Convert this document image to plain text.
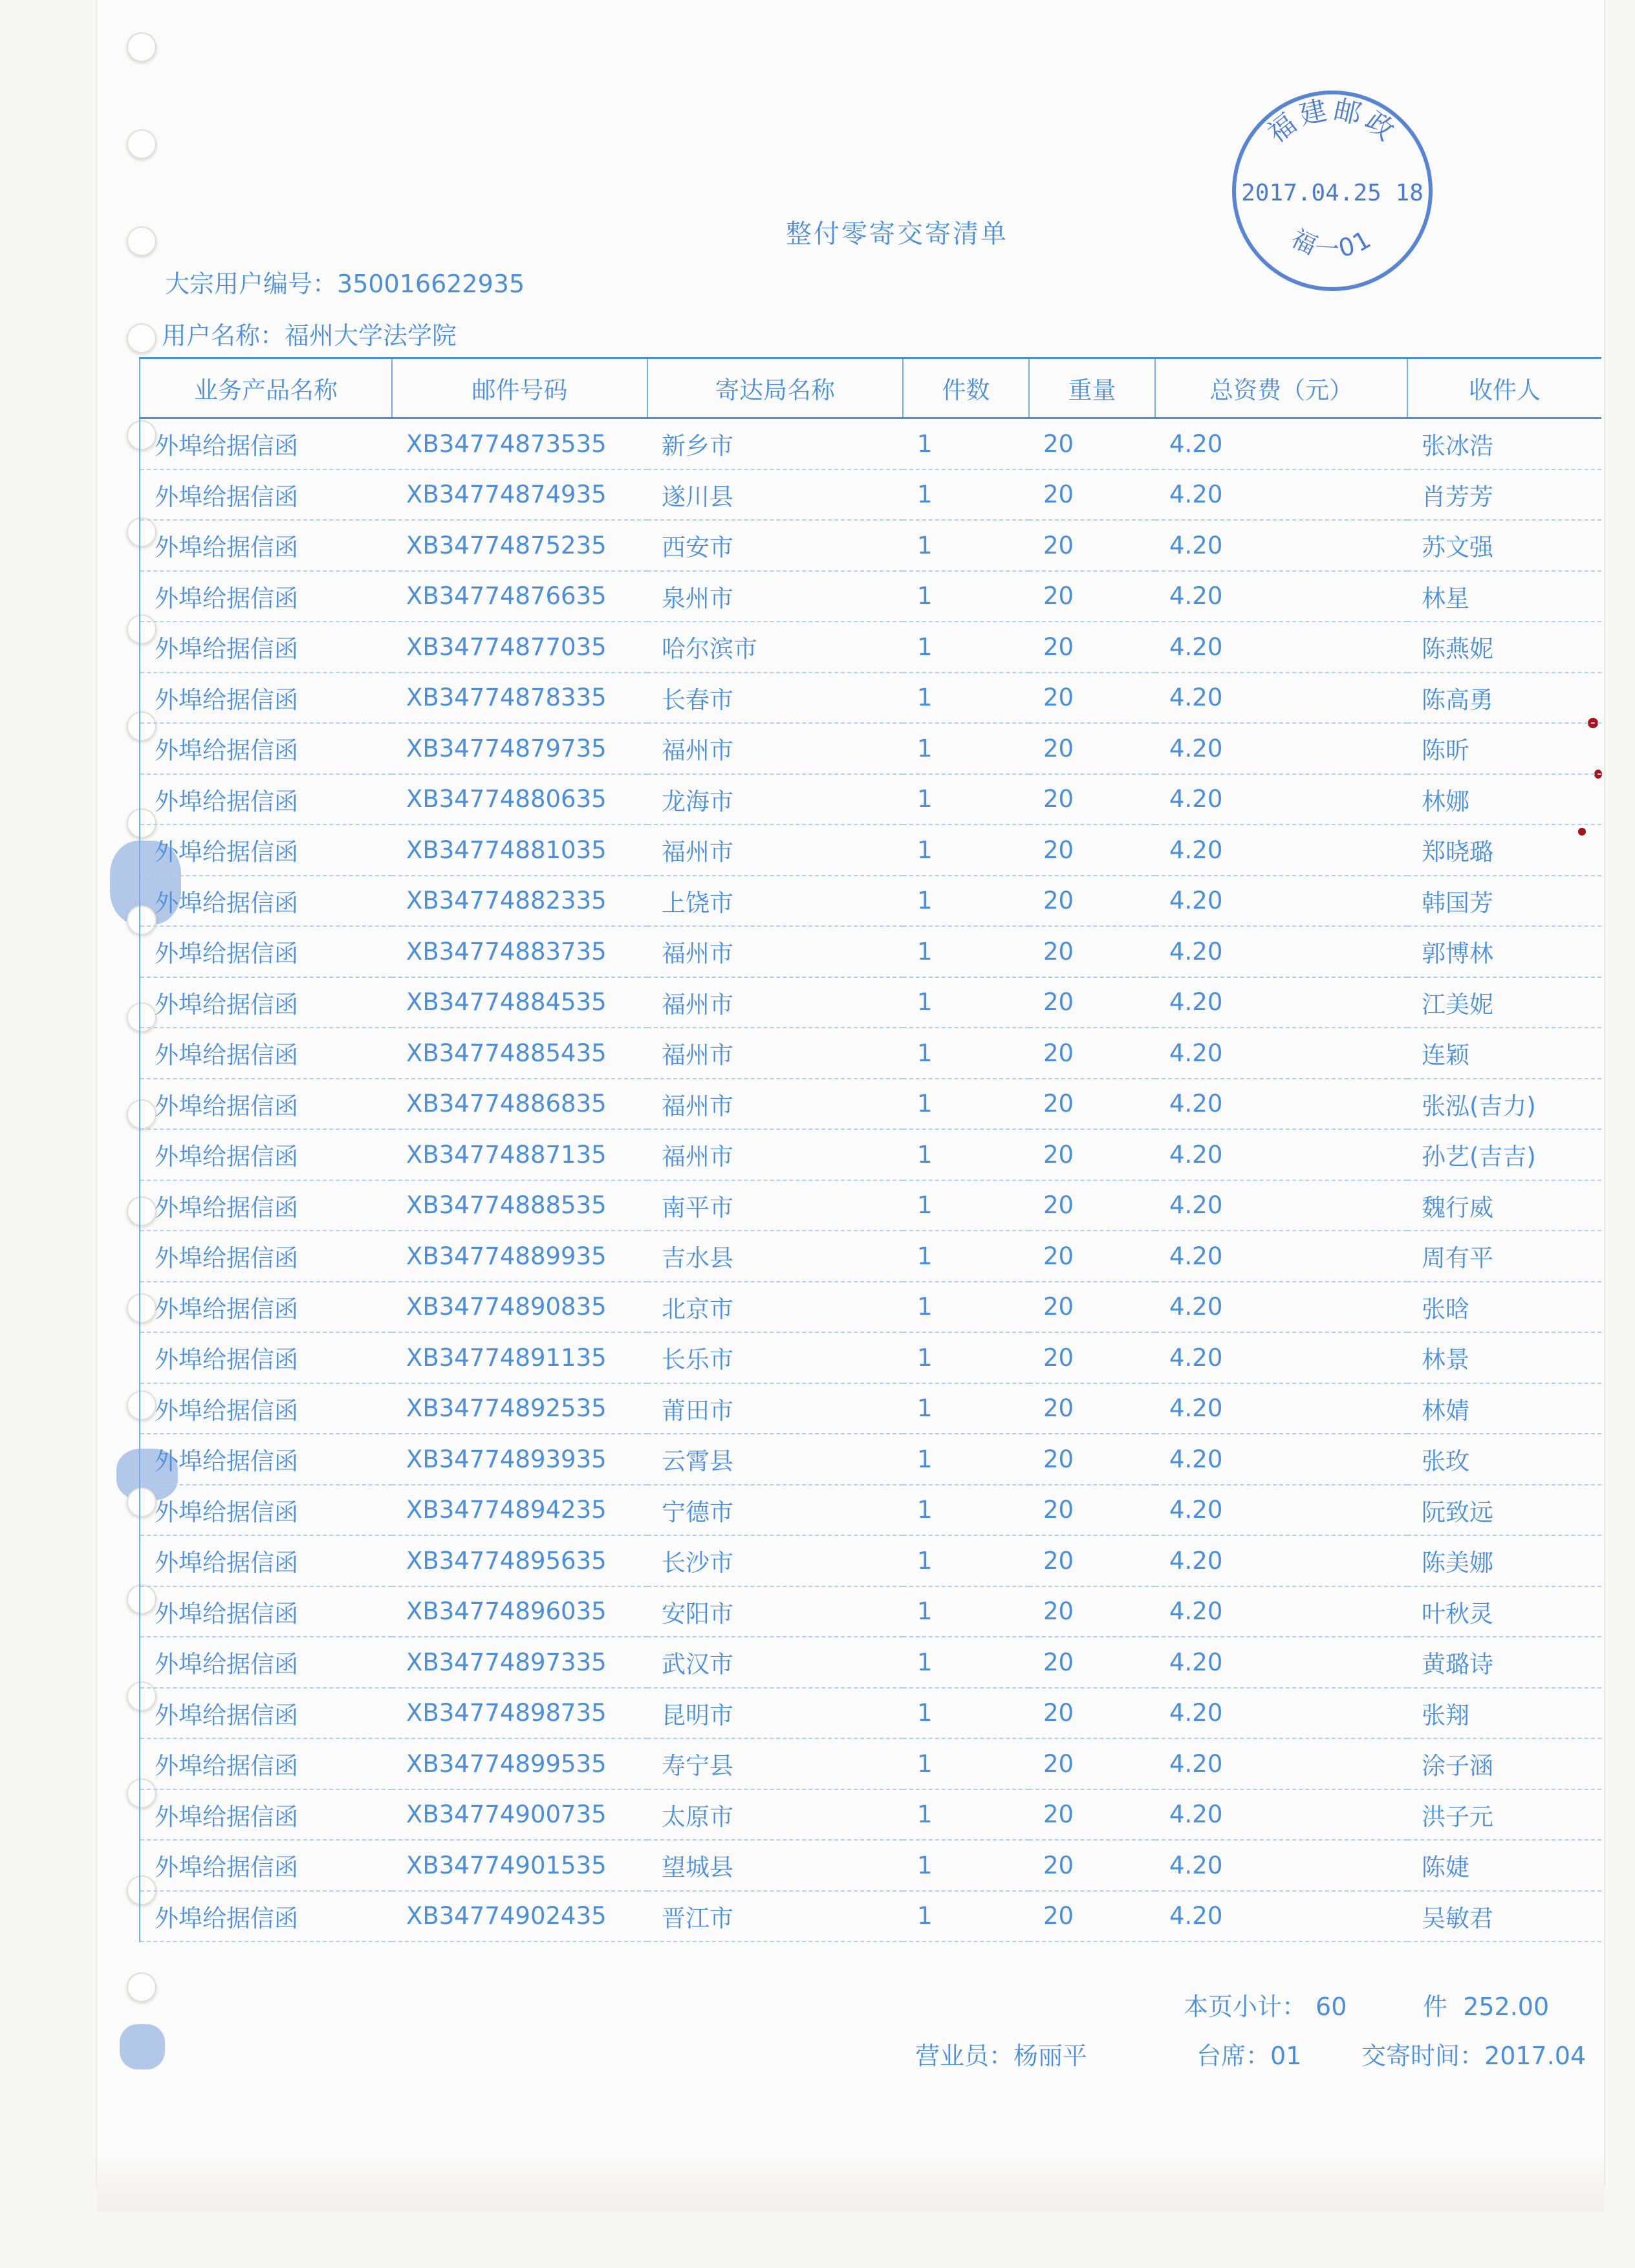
福建邮政
2017.04.25 18
福一01
整付零寄交寄清单
大宗用户编号：350016622935
用户名称：福州大学法学院
业务产品名称	邮件号码	寄达局名称	件数	重量	总资费（元）	收件人
外埠给据信函	XB34774873535	新乡市	1	20	4.20	张冰浩
外埠给据信函	XB34774874935	遂川县	1	20	4.20	肖芳芳
外埠给据信函	XB34774875235	西安市	1	20	4.20	苏文强
外埠给据信函	XB34774876635	泉州市	1	20	4.20	林星
外埠给据信函	XB34774877035	哈尔滨市	1	20	4.20	陈燕妮
外埠给据信函	XB34774878335	长春市	1	20	4.20	陈高勇
外埠给据信函	XB34774879735	福州市	1	20	4.20	陈昕
外埠给据信函	XB34774880635	龙海市	1	20	4.20	林娜
外埠给据信函	XB34774881035	福州市	1	20	4.20	郑晓璐
外埠给据信函	XB34774882335	上饶市	1	20	4.20	韩国芳
外埠给据信函	XB34774883735	福州市	1	20	4.20	郭博林
外埠给据信函	XB34774884535	福州市	1	20	4.20	江美妮
外埠给据信函	XB34774885435	福州市	1	20	4.20	连颖
外埠给据信函	XB34774886835	福州市	1	20	4.20	张泓(吉力)
外埠给据信函	XB34774887135	福州市	1	20	4.20	孙艺(吉吉)
外埠给据信函	XB34774888535	南平市	1	20	4.20	魏行威
外埠给据信函	XB34774889935	吉水县	1	20	4.20	周有平
外埠给据信函	XB34774890835	北京市	1	20	4.20	张晗
外埠给据信函	XB34774891135	长乐市	1	20	4.20	林景
外埠给据信函	XB34774892535	莆田市	1	20	4.20	林婧
外埠给据信函	XB34774893935	云霄县	1	20	4.20	张玫
外埠给据信函	XB34774894235	宁德市	1	20	4.20	阮致远
外埠给据信函	XB34774895635	长沙市	1	20	4.20	陈美娜
外埠给据信函	XB34774896035	安阳市	1	20	4.20	叶秋灵
外埠给据信函	XB34774897335	武汉市	1	20	4.20	黄璐诗
外埠给据信函	XB34774898735	昆明市	1	20	4.20	张翔
外埠给据信函	XB34774899535	寿宁县	1	20	4.20	涂子涵
外埠给据信函	XB34774900735	太原市	1	20	4.20	洪子元
外埠给据信函	XB34774901535	望城县	1	20	4.20	陈婕
外埠给据信函	XB34774902435	晋江市	1	20	4.20	吴敏君
本页小计： 60	件 252.00
营业员：杨丽平	台席：01 交寄时间：2017.04
